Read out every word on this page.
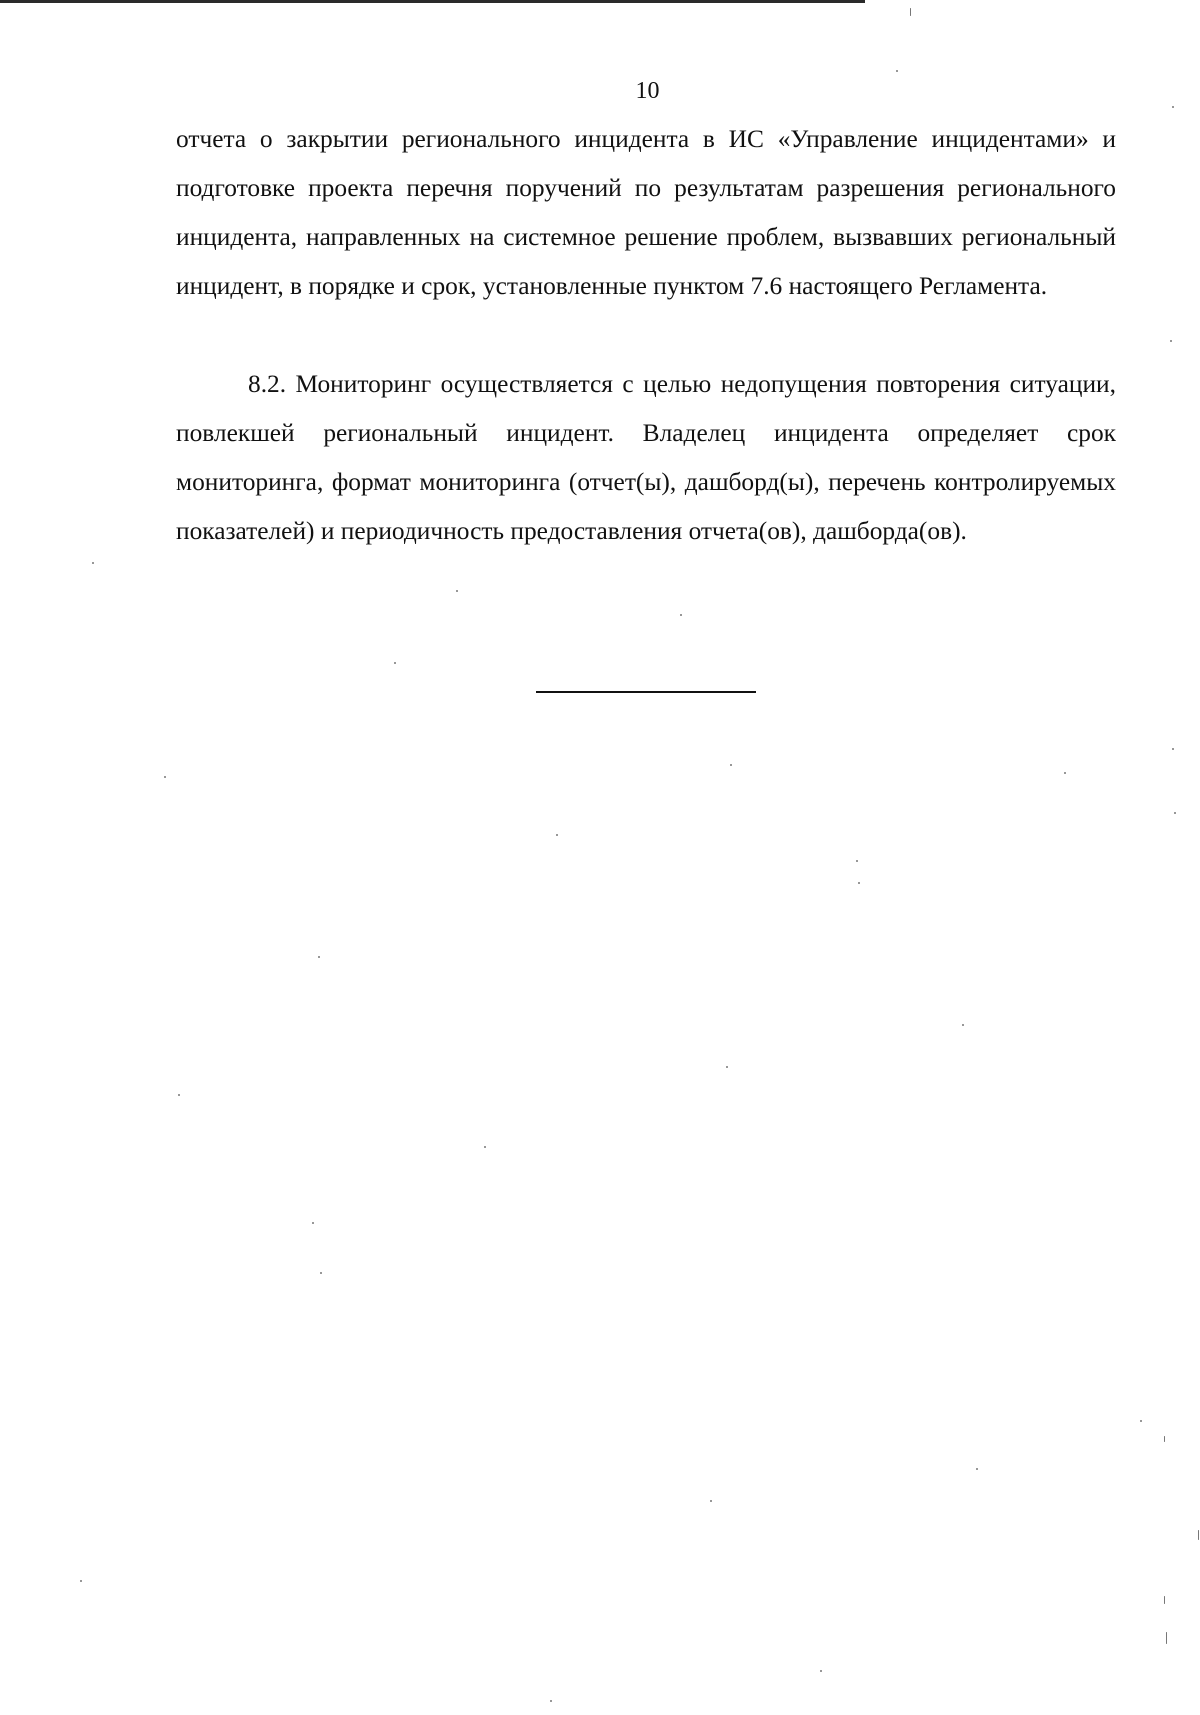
10

отчета о закрытии регионального инцидента в ИС «Управление инцидентами» и подготовке проекта перечня поручений по результатам разрешения регионального инцидента, направленных на системное решение проблем, вызвавших региональный инцидент, в порядке и срок, установленные пунктом 7.6 настоящего Регламента.

8.2. Мониторинг осуществляется с целью недопущения повторения ситуации, повлекшей региональный инцидент. Владелец инцидента определяет срок мониторинга, формат мониторинга (отчет(ы), дашборд(ы), перечень контролируемых показателей) и периодичность предоставления отчета(ов), дашборда(ов).
